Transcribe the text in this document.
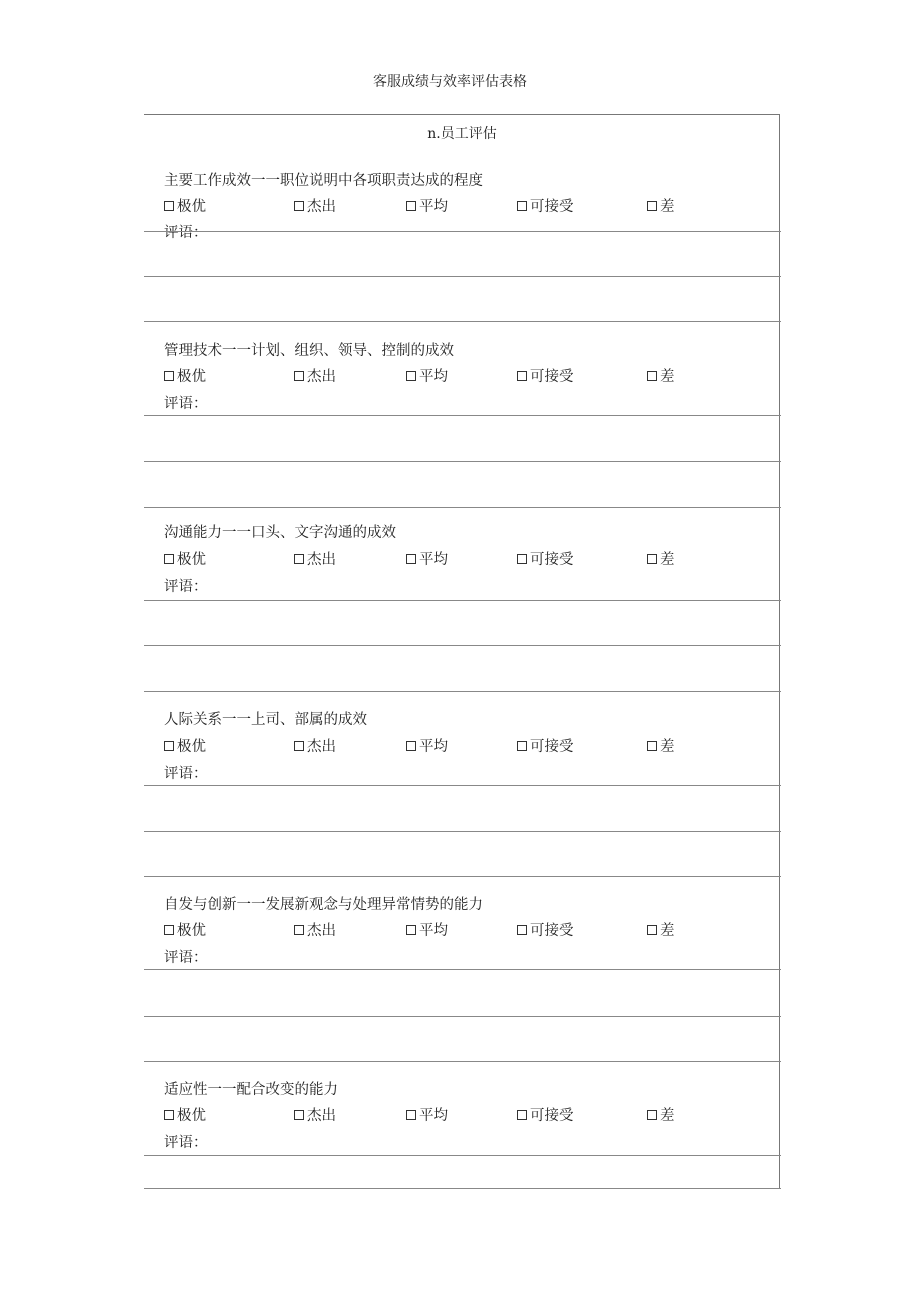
客服成绩与效率评估表格
n.员工评估
主要工作成效一一职位说明中各项职责达成的程度
极优	杰出	平均	可接受	差
评语：
管理技术一一计划、组织、领导、控制的成效
极优	杰出	平均	可接受	差
评语：
沟通能力一一口头、文字沟通的成效
极优	杰出	平均	可接受	差
评语：
人际关系一一上司、部属的成效
极优	杰出	平均	可接受	差
评语：
自发与创新一一发展新观念与处理异常情势的能力
极优	杰出	平均	可接受	差
评语：
适应性一一配合改变的能力
极优	杰出	平均	可接受	差
评语：
